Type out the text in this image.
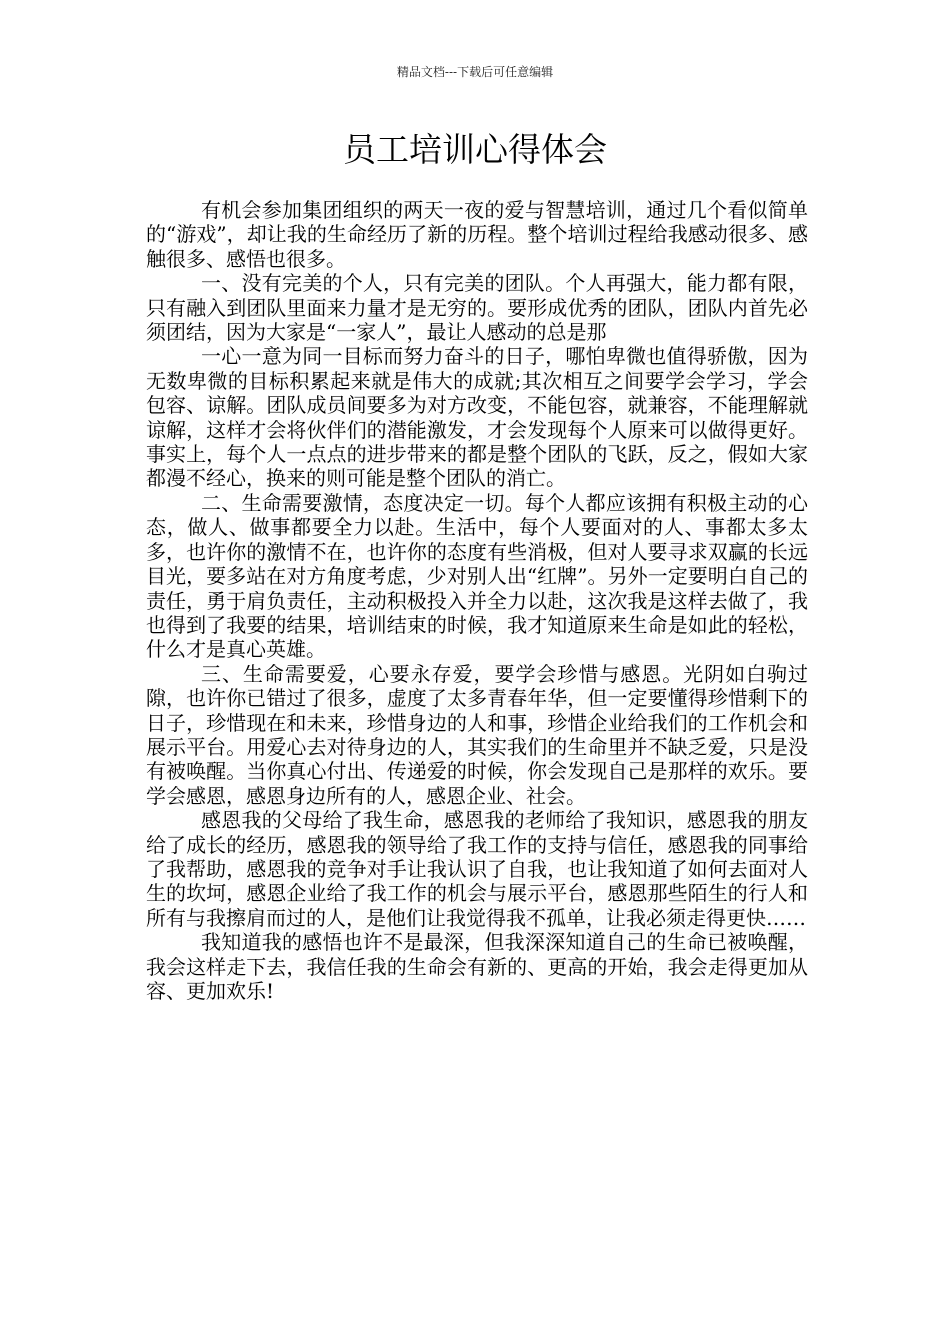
精品文档---下载后可任意编辑
员工培训心得体会

有机会参加集团组织的两天一夜的爱与智慧培训，通过几个看似简单的“游戏”，却让我的生命经历了新的历程。整个培训过程给我感动很多、感触很多、感悟也很多。

一、没有完美的个人，只有完美的团队。个人再强大，能力都有限，只有融入到团队里面来力量才是无穷的。要形成优秀的团队，团队内首先必须团结，因为大家是“一家人”，最让人感动的总是那

一心一意为同一目标而努力奋斗的日子，哪怕卑微也值得骄傲，因为无数卑微的目标积累起来就是伟大的成就;其次相互之间要学会学习，学会包容、谅解。团队成员间要多为对方改变，不能包容，就兼容，不能理解就谅解，这样才会将伙伴们的潜能激发，才会发现每个人原来可以做得更好。事实上，每个人一点点的进步带来的都是整个团队的飞跃，反之，假如大家都漫不经心，换来的则可能是整个团队的消亡。

二、生命需要激情，态度决定一切。每个人都应该拥有积极主动的心态，做人、做事都要全力以赴。生活中，每个人要面对的人、事都太多太多，也许你的激情不在，也许你的态度有些消极，但对人要寻求双赢的长远目光，要多站在对方角度考虑，少对别人出“红牌”。另外一定要明白自己的责任，勇于肩负责任，主动积极投入并全力以赴，这次我是这样去做了，我也得到了我要的结果，培训结束的时候，我才知道原来生命是如此的轻松，什么才是真心英雄。

三、生命需要爱，心要永存爱，要学会珍惜与感恩。光阴如白驹过隙，也许你已错过了很多，虚度了太多青春年华，但一定要懂得珍惜剩下的日子，珍惜现在和未来，珍惜身边的人和事，珍惜企业给我们的工作机会和展示平台。用爱心去对待身边的人，其实我们的生命里并不缺乏爱，只是没有被唤醒。当你真心付出、传递爱的时候，你会发现自己是那样的欢乐。要学会感恩，感恩身边所有的人，感恩企业、社会。

感恩我的父母给了我生命，感恩我的老师给了我知识，感恩我的朋友给了成长的经历，感恩我的领导给了我工作的支持与信任，感恩我的同事给了我帮助，感恩我的竞争对手让我认识了自我，也让我知道了如何去面对人生的坎坷，感恩企业给了我工作的机会与展示平台，感恩那些陌生的行人和所有与我擦肩而过的人，是他们让我觉得我不孤单，让我必须走得更快……

我知道我的感悟也许不是最深，但我深深知道自己的生命已被唤醒，我会这样走下去，我信任我的生命会有新的、更高的开始，我会走得更加从容、更加欢乐!
